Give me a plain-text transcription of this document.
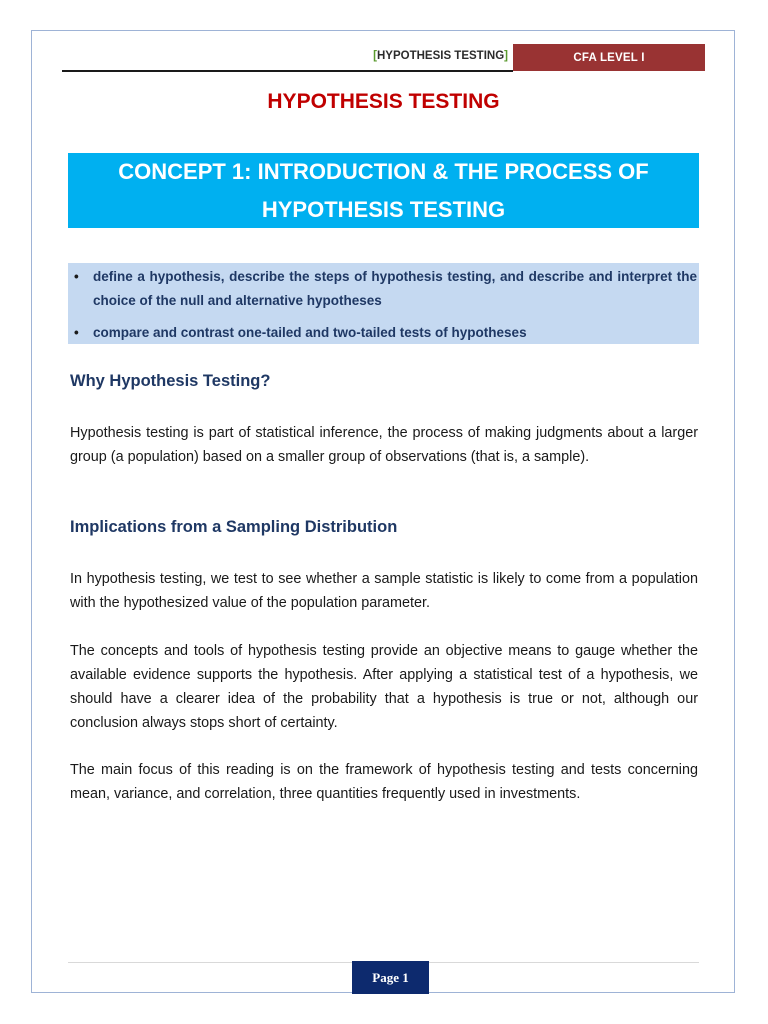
[HYPOTHESIS TESTING]	CFA LEVEL I
HYPOTHESIS TESTING
CONCEPT 1: INTRODUCTION & THE PROCESS OF
HYPOTHESIS TESTING
• define a hypothesis, describe the steps of hypothesis testing, and describe and interpret the choice of the null and alternative hypotheses
• compare and contrast one-tailed and two-tailed tests of hypotheses
Why Hypothesis Testing?

Hypothesis testing is part of statistical inference, the process of making judgments about a larger group (a population) based on a smaller group of observations (that is, a sample).

Implications from a Sampling Distribution

In hypothesis testing, we test to see whether a sample statistic is likely to come from a population with the hypothesized value of the population parameter.

The concepts and tools of hypothesis testing provide an objective means to gauge whether the available evidence supports the hypothesis. After applying a statistical test of a hypothesis, we should have a clearer idea of the probability that a hypothesis is true or not, although our conclusion always stops short of certainty.

The main focus of this reading is on the framework of hypothesis testing and tests concerning mean, variance, and correlation, three quantities frequently used in investments.

Page 1
